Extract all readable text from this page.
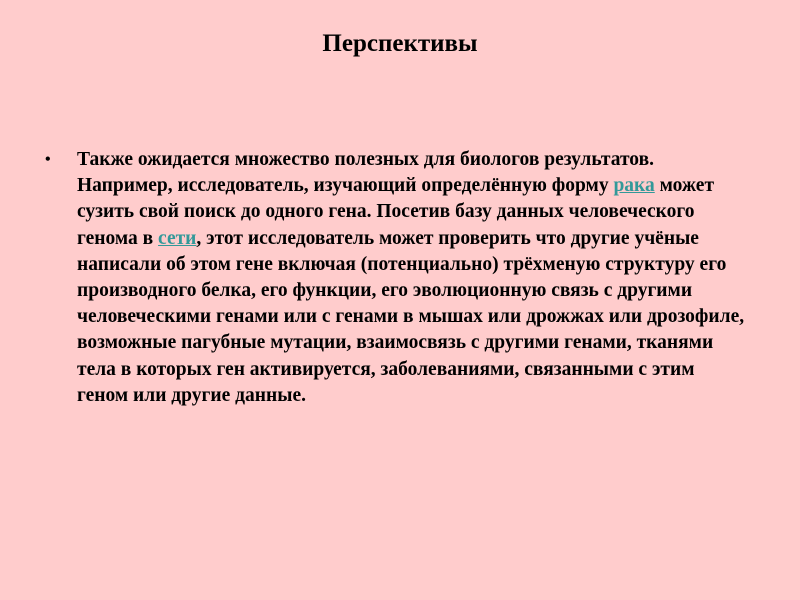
Перспективы
• Также ожидается множество полезных для биологов результатов. Например, исследователь, изучающий определённую форму рака может сузить свой поиск до одного гена. Посетив базу данных человеческого генома в сети, этот исследователь может проверить что другие учёные написали об этом гене включая (потенциально) трёхменую структуру его производного белка, его функции, его эволюционную связь с другими человеческими генами или с генами в мышах или дрожжах или дрозофиле, возможные пагубные мутации, взаимосвязь с другими генами, тканями тела в которых ген активируется, заболеваниями, связанными с этим геном или другие данные.
